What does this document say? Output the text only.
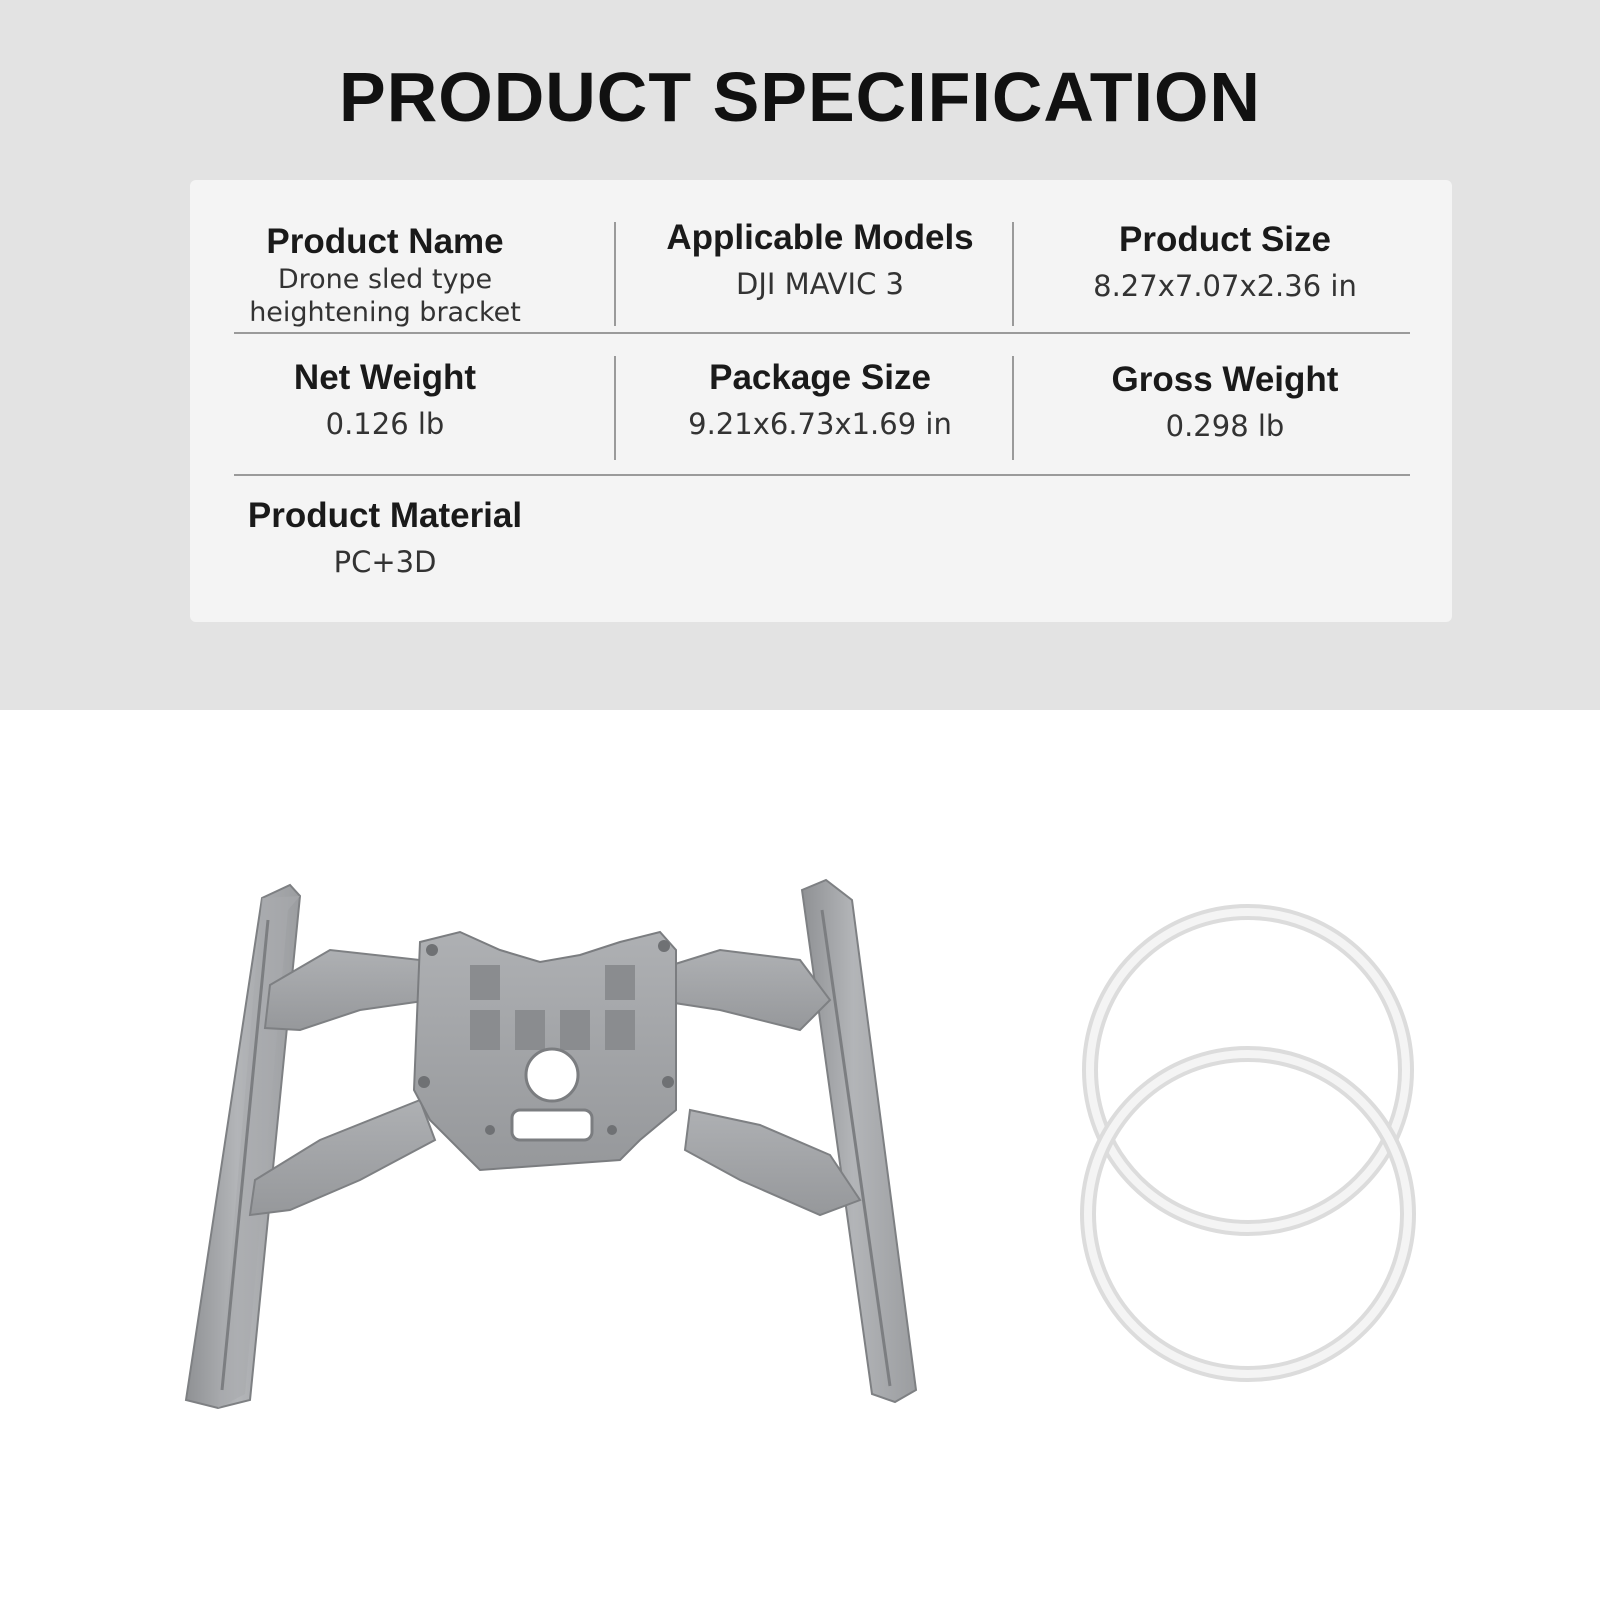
PRODUCT SPECIFICATION
Product Name
Drone sled type
heightening bracket
Applicable Models
DJI MAVIC 3
Product Size
8.27x7.07x2.36 in
Net Weight
0.126 lb
Package Size
9.21x6.73x1.69 in
Gross Weight
0.298 lb
Product Material
PC+3D
